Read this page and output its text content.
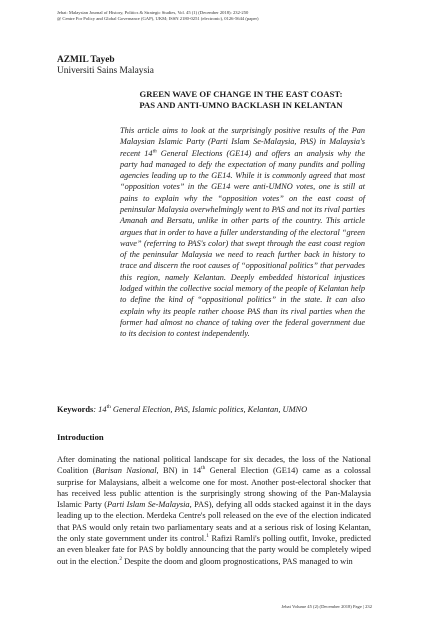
Jebat: Malaysian Journal of History, Politics & Strategic Studies, Vol. 45 (1) (December 2018): 232-250
@ Centre For Policy and Global Governance (GAP), UKM; ISSN 2180-0251 (electronic), 0126-5644 (paper)
AZMIL Tayeb
Universiti Sains Malaysia
GREEN WAVE OF CHANGE IN THE EAST COAST:
PAS AND ANTI-UMNO BACKLASH IN KELANTAN
This article aims to look at the surprisingly positive results of the Pan Malaysian Islamic Party (Parti Islam Se-Malaysia, PAS) in Malaysia's recent 14th General Elections (GE14) and offers an analysis why the party had managed to defy the expectation of many pundits and polling agencies leading up to the GE14. While it is commonly agreed that most “opposition votes” in the GE14 were anti-UMNO votes, one is still at pains to explain why the “opposition votes” on the east coast of peninsular Malaysia overwhelmingly went to PAS and not its rival parties Amanah and Bersatu, unlike in other parts of the country. This article argues that in order to have a fuller understanding of the electoral “green wave” (referring to PAS's color) that swept through the east coast region of the peninsular Malaysia we need to reach further back in history to trace and discern the root causes of “oppositional politics” that pervades this region, namely Kelantan. Deeply embedded historical injustices lodged within the collective social memory of the people of Kelantan help to define the kind of “oppositional politics” in the state. It can also explain why its people rather choose PAS than its rival parties when the former had almost no chance of taking over the federal government due to its decision to contest independently.
Keywords: 14th General Election, PAS, Islamic politics, Kelantan, UMNO
Introduction
After dominating the national political landscape for six decades, the loss of the National Coalition (Barisan Nasional, BN) in 14th General Election (GE14) came as a colossal surprise for Malaysians, albeit a welcome one for most. Another post-electoral shocker that has received less public attention is the surprisingly strong showing of the Pan-Malaysia Islamic Party (Parti Islam Se-Malaysia, PAS), defying all odds stacked against it in the days leading up to the election. Merdeka Centre's poll released on the eve of the election indicated that PAS would only retain two parliamentary seats and at a serious risk of losing Kelantan, the only state government under its control.$^1$ Rafizi Ramli's polling outfit, Invoke, predicted an even bleaker fate for PAS by boldly announcing that the party would be completely wiped out in the election.$^2$ Despite the doom and gloom prognostications, PAS managed to win
Jebat Volume 45 (2) (December 2018) Page | 232
